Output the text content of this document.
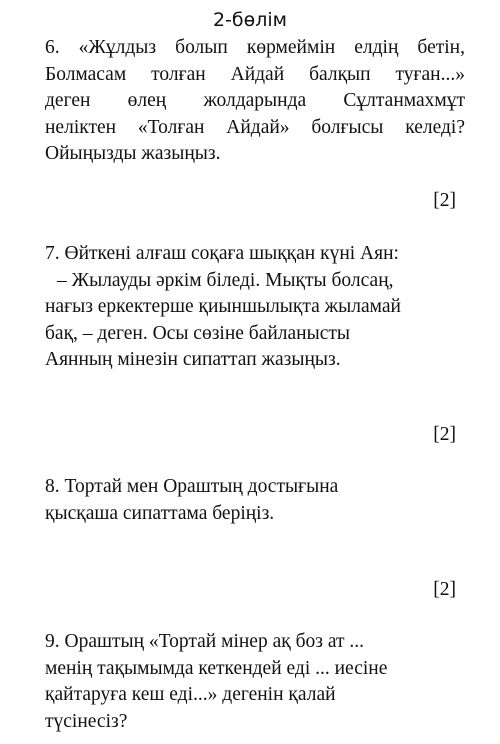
2-бөлім

6. «Жұлдыз болып көрмеймін елдің бетін,
Болмасам толған Айдай балқып туған...»
деген өлең жолдарында Сұлтанмахмұт
неліктен «Толған Айдай» болғысы келеді?
Ойыңызды жазыңыз.

[2]

7. Өйткені алғаш соқаға шыққан күні Аян:
– Жылауды әркім біледі. Мықты болсаң,
нағыз еркектерше қиыншылықта жыламай
бақ, – деген. Осы сөзіне байланысты
Аянның мінезін сипаттап жазыңыз.

[2]

8. Тортай мен Ораштың достығына
қысқаша сипаттама беріңіз.

[2]

9. Ораштың «Тортай мінер ақ боз ат ...
менің тақымымда кеткендей еді ... иесіне
қайтаруға кеш еді...» дегенін қалай
түсінесіз?
